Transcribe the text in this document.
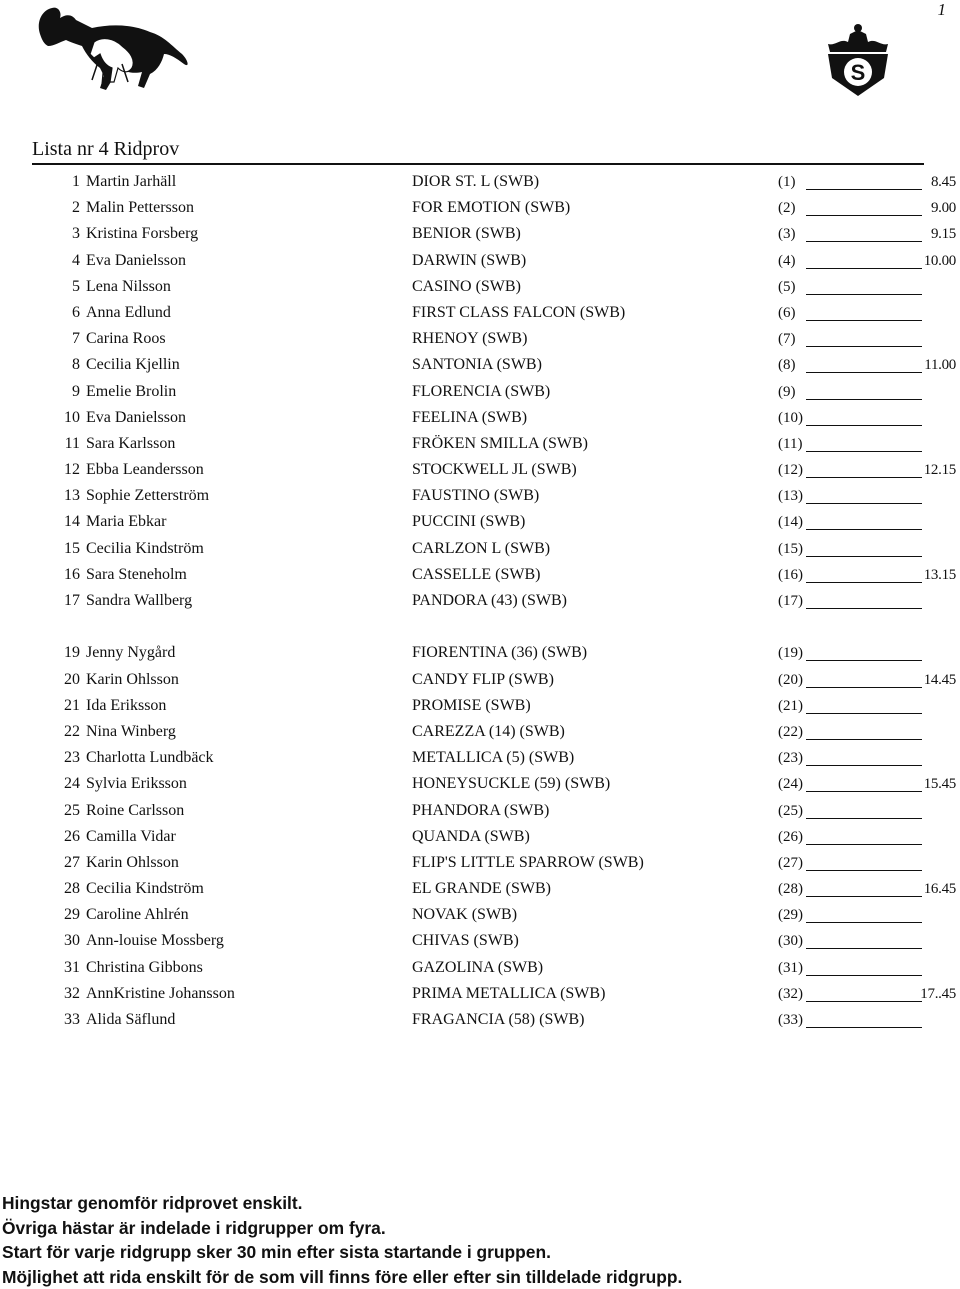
1
S
Lista nr 4 Ridprov
1 Martin Jarhäll	DIOR ST. L (SWB)	(1)	8.45
2 Malin Pettersson	FOR EMOTION (SWB)	(2)	9.00
3 Kristina Forsberg	BENIOR (SWB)	(3)	9.15
4 Eva Danielsson	DARWIN (SWB)	(4)	10.00
5 Lena Nilsson	CASINO (SWB)	(5)
6 Anna Edlund	FIRST CLASS FALCON (SWB)	(6)
7 Carina Roos	RHENOY (SWB)	(7)
8 Cecilia Kjellin	SANTONIA (SWB)	(8)	11.00
9 Emelie Brolin	FLORENCIA (SWB)	(9)
10 Eva Danielsson	FEELINA (SWB)	(10)
11 Sara Karlsson	FRÖKEN SMILLA (SWB)	(11)
12 Ebba Leandersson	STOCKWELL JL (SWB)	(12)	12.15
13 Sophie Zetterström	FAUSTINO (SWB)	(13)
14 Maria Ebkar	PUCCINI (SWB)	(14)
15 Cecilia Kindström	CARLZON L (SWB)	(15)
16 Sara Steneholm	CASSELLE (SWB)	(16)	13.15
17 Sandra Wallberg	PANDORA (43) (SWB)	(17)
19 Jenny Nygård	FIORENTINA (36) (SWB)	(19)
20 Karin Ohlsson	CANDY FLIP (SWB)	(20)	14.45
21 Ida Eriksson	PROMISE (SWB)	(21)
22 Nina Winberg	CAREZZA (14) (SWB)	(22)
23 Charlotta Lundbäck	METALLICA (5) (SWB)	(23)
24 Sylvia Eriksson	HONEYSUCKLE (59) (SWB)	(24)	15.45
25 Roine Carlsson	PHANDORA (SWB)	(25)
26 Camilla Vidar	QUANDA (SWB)	(26)
27 Karin Ohlsson	FLIP'S LITTLE SPARROW (SWB)	(27)
28 Cecilia Kindström	EL GRANDE (SWB)	(28)	16.45
29 Caroline Ahlrén	NOVAK (SWB)	(29)
30 Ann-louise Mossberg	CHIVAS (SWB)	(30)
31 Christina Gibbons	GAZOLINA (SWB)	(31)
32 AnnKristine Johansson	PRIMA METALLICA (SWB)	(32)	17..45
33 Alida Säflund	FRAGANCIA (58) (SWB)	(33)
Hingstar genomför ridprovet enskilt.
Övriga hästar är indelade i ridgrupper om fyra.
Start för varje ridgrupp sker 30 min efter sista startande i gruppen.
Möjlighet att rida enskilt för de som vill finns före eller efter sin tilldelade ridgrupp.
